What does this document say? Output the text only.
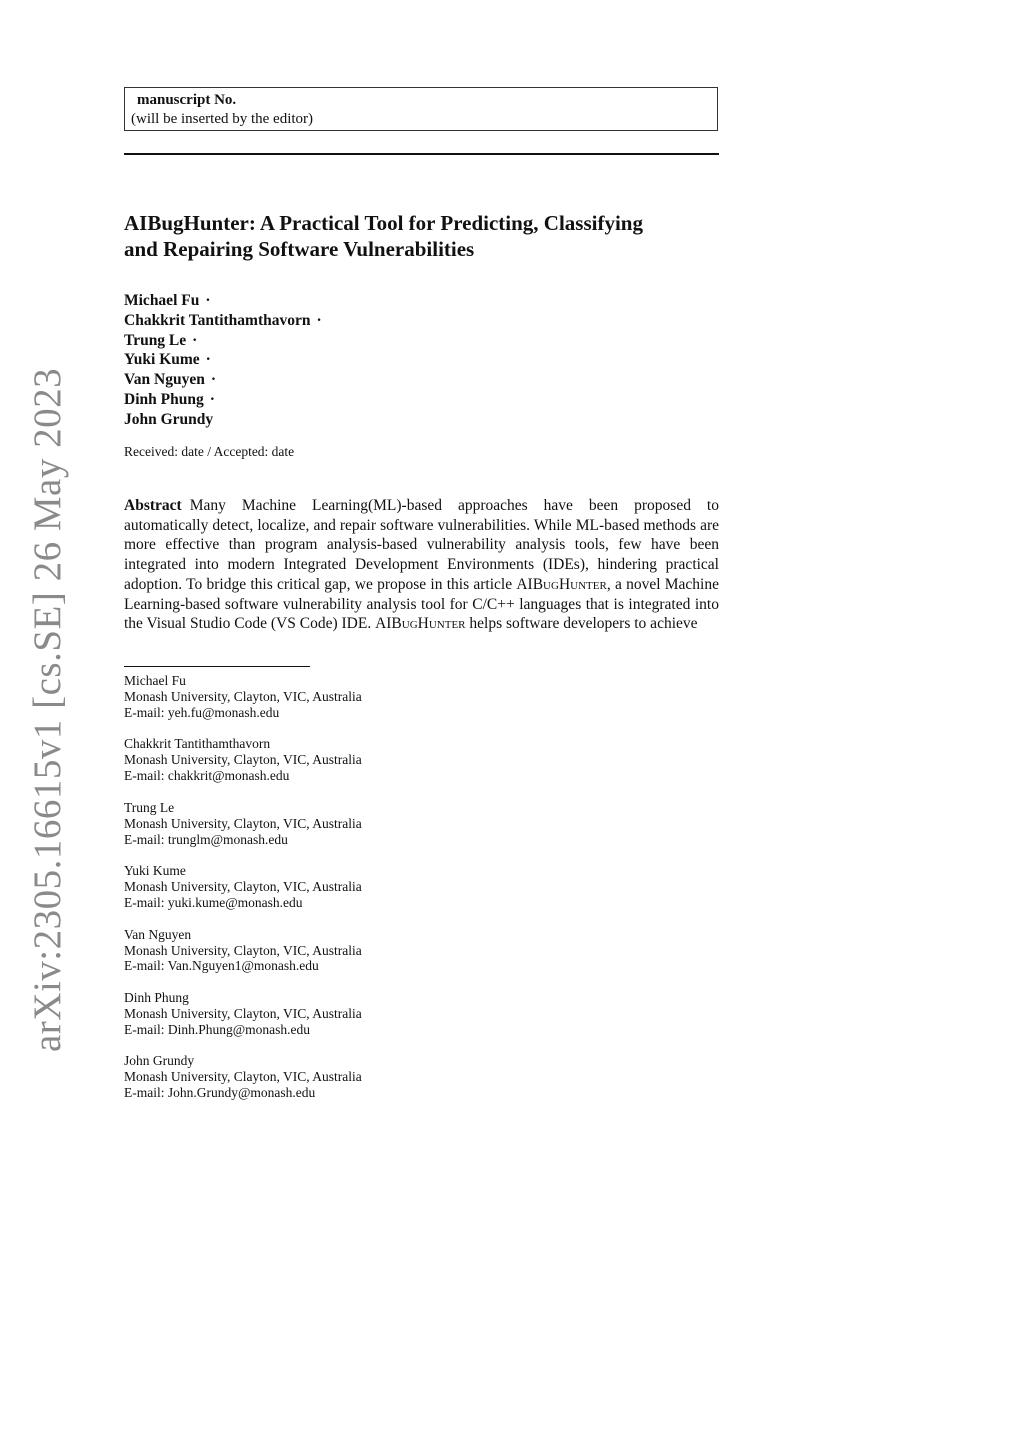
manuscript No.
(will be inserted by the editor)
AIBugHunter: A Practical Tool for Predicting, Classifying
and Repairing Software Vulnerabilities
Michael Fu ·
Chakkrit Tantithamthavorn ·
Trung Le ·
Yuki Kume ·
Van Nguyen ·
Dinh Phung ·
John Grundy
Received: date / Accepted: date

Abstract Many Machine Learning(ML)-based approaches have been proposed to automatically detect, localize, and repair software vulnerabilities. While ML-based methods are more effective than program analysis-based vulnerability analysis tools, few have been integrated into modern Integrated Development Environments (IDEs), hindering practical adoption. To bridge this critical gap, we propose in this article AIBugHunter, a novel Machine Learning-based software vulnerability analysis tool for C/C++ languages that is integrated into the Visual Studio Code (VS Code) IDE. AIBugHunter helps software developers to achieve

Michael Fu
Monash University, Clayton, VIC, Australia
E-mail: yeh.fu@monash.edu
Chakkrit Tantithamthavorn
Monash University, Clayton, VIC, Australia
E-mail: chakkrit@monash.edu
Trung Le
Monash University, Clayton, VIC, Australia
E-mail: trunglm@monash.edu
Yuki Kume
Monash University, Clayton, VIC, Australia
E-mail: yuki.kume@monash.edu
Van Nguyen
Monash University, Clayton, VIC, Australia
E-mail: Van.Nguyen1@monash.edu
Dinh Phung
Monash University, Clayton, VIC, Australia
E-mail: Dinh.Phung@monash.edu
John Grundy
Monash University, Clayton, VIC, Australia
E-mail: John.Grundy@monash.edu
arXiv:2305.16615v1 [cs.SE] 26 May 2023
